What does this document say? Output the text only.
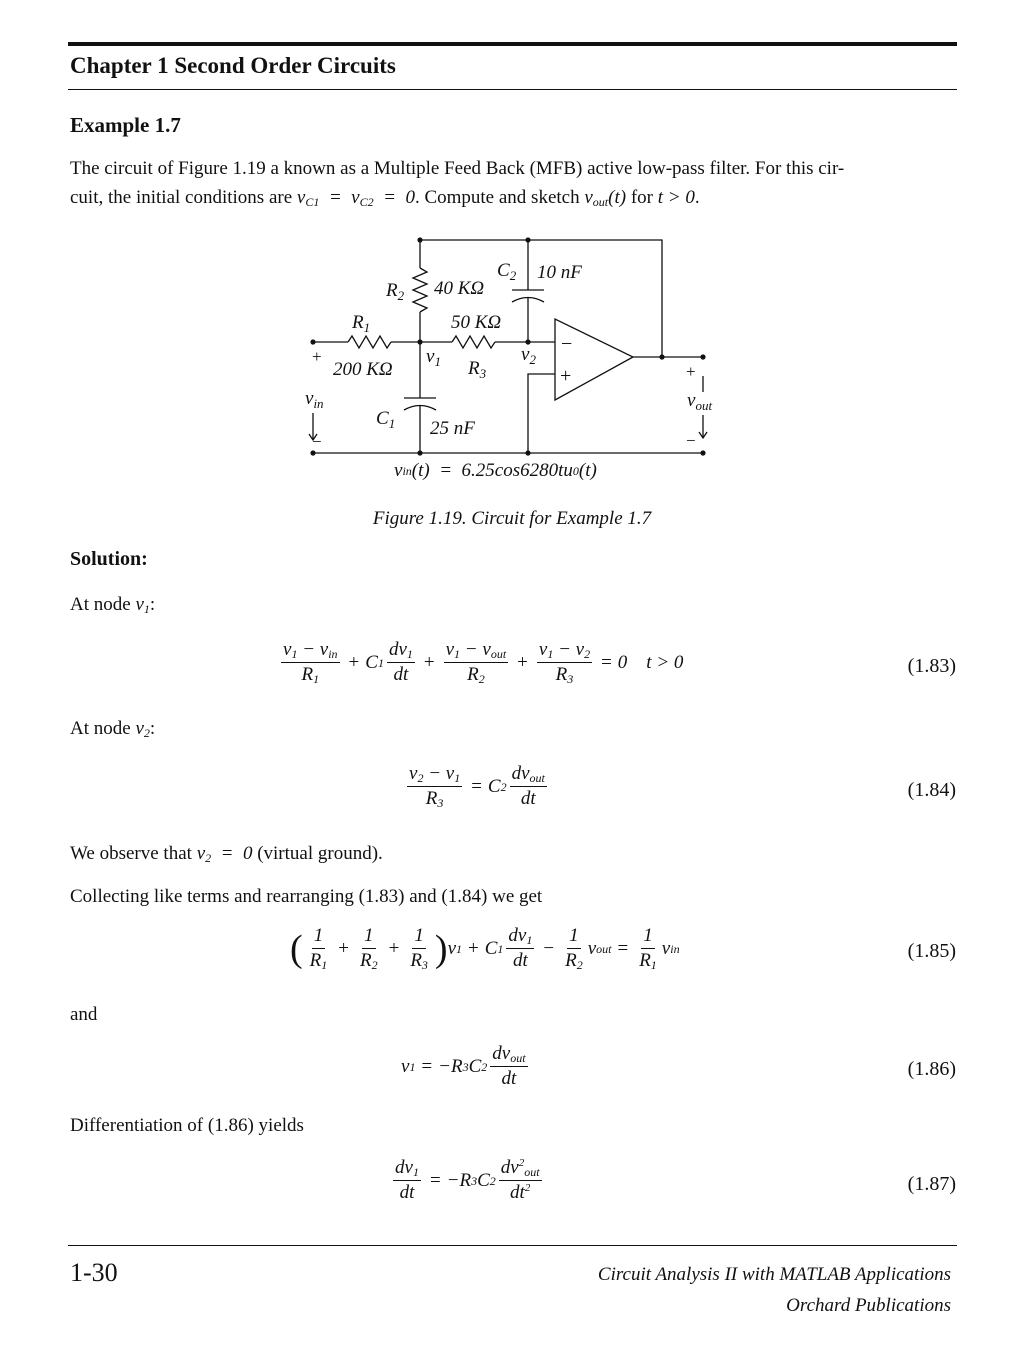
Chapter 1 Second Order Circuits
Example 1.7
The circuit of Figure 1.19 a known as a Multiple Feed Back (MFB) active low-pass filter. For this cir-
cuit, the initial conditions are $v_{C1} = v_{C2} = 0$. Compute and sketch $v_{out}(t)$ for t > 0.
$C_2$ 10 nF
$R_2$ 40 KΩ
$R_1$	50 KΩ
200 KΩ
$v_1$ $R_3$
$v_2$
$v_{in}$
$C_1$ 25 nF
$v_{out}$
+
−
+
−
−
+
v in (t)  =  6.25cos6280tu 0 (t)
Figure 1.19. Circuit for Example 1.7
Solution:
At node $v_1$:
$\frac{v_1 - v_{in}}{R_1} + C$ $1 \frac{dv_1}{dt} + \frac{v_1 - v_{out}}{R_2} + \frac{v_1 - v_2}{R_3} = 0$    t > 0	(1.83)
At node $v_2$:
$\frac{v_2 - v_1}{R_3} = C$ $2 \frac{dv_{out}}{dt}$	(1.84)
We observe that $v_2 = 0$ (virtual ground).
Collecting like terms and rearranging (1.83) and (1.84) we get
( $\frac{1}{R_1} + \frac{1}{R_2} + \frac{1}{R_3}$ ) v 1 + C $1 \frac{dv_1}{dt} - \frac{1}{R_2}$ v out = $\frac{1}{R_1}$ v in	(1.85)
and
v 1 = −R 3 C $2 \frac{dv_{out}}{dt}$	(1.86)
Differentiation of (1.86) yields
$\frac{dv_1}{dt} = -R$ 3 C $2 \frac{dv^2_{out}}{dt^2}$	(1.87)
1-30	Circuit Analysis II with MATLAB Applications
Orchard Publications
